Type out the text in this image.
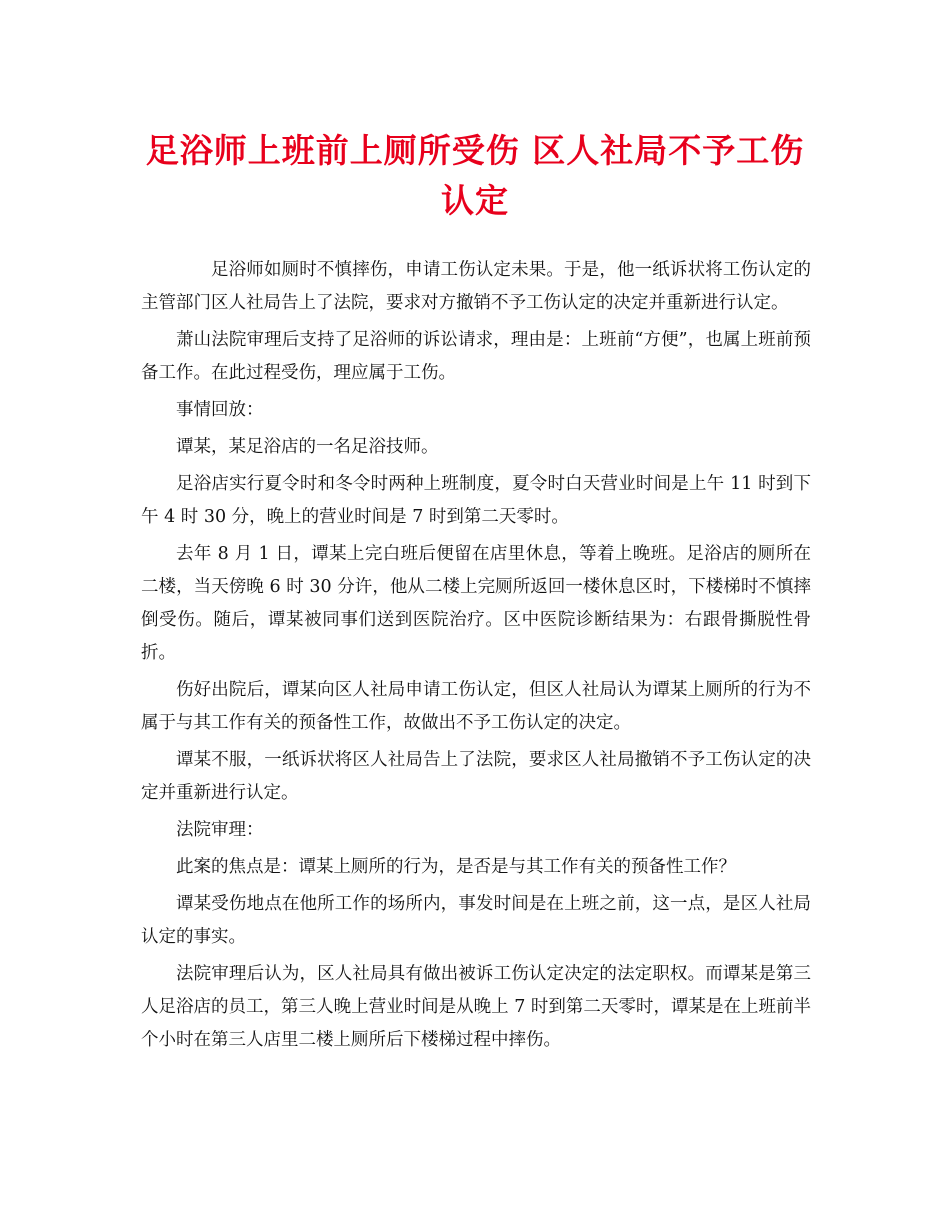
足浴师上班前上厕所受伤 区人社局不予工伤认定

足浴师如厕时不慎摔伤，申请工伤认定未果。于是，他一纸诉状将工伤认定的主管部门区人社局告上了法院，要求对方撤销不予工伤认定的决定并重新进行认定。

萧山法院审理后支持了足浴师的诉讼请求，理由是：上班前“方便”，也属上班前预备工作。在此过程受伤，理应属于工伤。

事情回放：

谭某，某足浴店的一名足浴技师。

足浴店实行夏令时和冬令时两种上班制度，夏令时白天营业时间是上午 11 时到下午 4 时 30 分，晚上的营业时间是 7 时到第二天零时。

去年 8 月 1 日，谭某上完白班后便留在店里休息，等着上晚班。足浴店的厕所在二楼，当天傍晚 6 时 30 分许，他从二楼上完厕所返回一楼休息区时，下楼梯时不慎摔倒受伤。随后，谭某被同事们送到医院治疗。区中医院诊断结果为：右跟骨撕脱性骨折。

伤好出院后，谭某向区人社局申请工伤认定，但区人社局认为谭某上厕所的行为不属于与其工作有关的预备性工作，故做出不予工伤认定的决定。

谭某不服，一纸诉状将区人社局告上了法院，要求区人社局撤销不予工伤认定的决定并重新进行认定。

法院审理：

此案的焦点是：谭某上厕所的行为，是否是与其工作有关的预备性工作？

谭某受伤地点在他所工作的场所内，事发时间是在上班之前，这一点，是区人社局认定的事实。

法院审理后认为，区人社局具有做出被诉工伤认定决定的法定职权。而谭某是第三人足浴店的员工，第三人晚上营业时间是从晚上 7 时到第二天零时，谭某是在上班前半个小时在第三人店里二楼上厕所后下楼梯过程中摔伤。
